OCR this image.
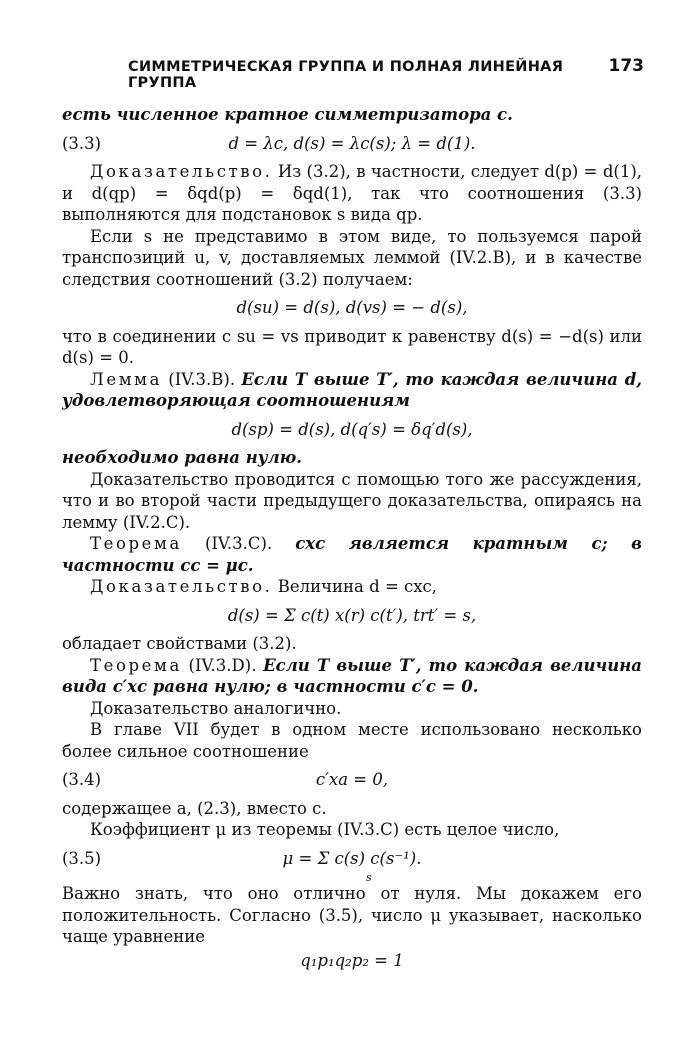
СИММЕТРИЧЕСКАЯ ГРУППА И ПОЛНАЯ ЛИНЕЙНАЯ ГРУППА
173

есть численное кратное симметризатора c.

(3.3)	d = λc, d(s) = λc(s); λ = d(1).

Доказательство. Из (3.2), в частности, следует d(p) = d(1), и d(qp) = δqd(p) = δqd(1), так что соотношения (3.3) выполняются для подстановок s вида qp.

Если s не представимо в этом виде, то пользуемся парой транспозиций u, v, доставляемых леммой (IV.2.B), и в качестве следствия соотношений (3.2) получаем:

d(su) = d(s), d(vs) = − d(s),

что в соединении с su = vs приводит к равенству d(s) = −d(s) или d(s) = 0.

Лемма (IV.3.B). Если T выше T′, то каждая величина d, удовлетворяющая соотношениям

d(sp) = d(s), d(q′s) = δq′d(s),

необходимо равна нулю.

Доказательство проводится с помощью того же рассуждения, что и во второй части предыдущего доказательства, опираясь на лемму (IV.2.C).

Теорема (IV.3.C). cxc является кратным c; в частности cc = μc.

Доказательство. Величина d = cxc,

d(s) = Σ c(t) x(r) c(t′), trt′ = s,

обладает свойствами (3.2).

Теорема (IV.3.D). Если T выше T′, то каждая величина вида c′xc равна нулю; в частности c′c = 0.

Доказательство аналогично.

В главе VII будет в одном месте использовано несколько более сильное соотношение

(3.4)	c′xa = 0,

содержащее a, (2.3), вместо c.

Коэффициент μ из теоремы (IV.3.C) есть целое число,

(3.5)	μ = Σ c(s) c(s⁻¹).
s

Важно знать, что оно отлично от нуля. Мы докажем его положительность. Согласно (3.5), число μ указывает, насколько чаще уравнение

q₁p₁q₂p₂ = 1
